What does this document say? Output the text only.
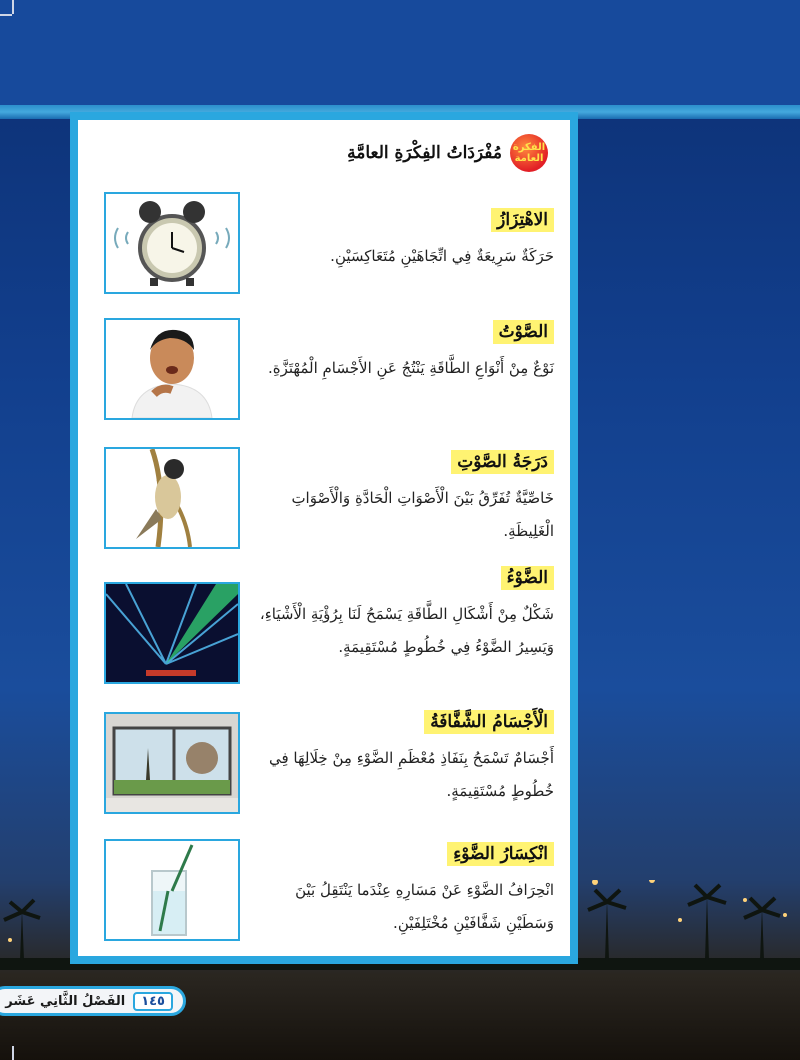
الفكرة
العامة
مُفْرَدَاتُ الفِكْرَةِ العامَّةِ
الاهْتِزَازُ
حَرَكَةٌ سَرِيعَةٌ فِي اتِّجَاهَيْنِ مُتَعَاكِسَيْنِ.
الصَّوْتُ
نَوْعٌ مِنْ أَنْوَاعِ الطَّاقَةِ يَنْتُجُ عَنِ الأَجْسَامِ الْمُهْتَزَّةِ.
دَرَجَةُ الصَّوْتِ
خَاصِّيَّةٌ تُفَرِّقُ بَيْنَ الْأَصْوَاتِ الْحَادَّةِ وَالْأَصْوَاتِ الْغَلِيظَةِ.
الضَّوْءُ
شَكْلٌ مِنْ أَشْكَالِ الطَّاقَةِ يَسْمَحُ لَنَا بِرُؤْيَةِ الْأَشْيَاءِ، وَيَسِيرُ الضَّوْءُ فِي خُطُوطٍ مُسْتَقِيمَةٍ.
الْأَجْسَامُ الشَّفَّافَةُ
أَجْسَامٌ تَسْمَحُ بِنَفَاذِ مُعْظَمِ الضَّوْءِ مِنْ خِلَالِهَا فِي خُطُوطٍ مُسْتَقِيمَةٍ.
انْكِسَارُ الضَّوْءِ
انْحِرَافُ الضَّوْءِ عَنْ مَسَارِهِ عِنْدَما يَنْتَقِلُ بَيْنَ وَسَطَيْنِ شَفَّافَيْنِ مُخْتَلِفَيْنِ.
١٤٥
الفَصْلُ الثَّانِي عَشَر
